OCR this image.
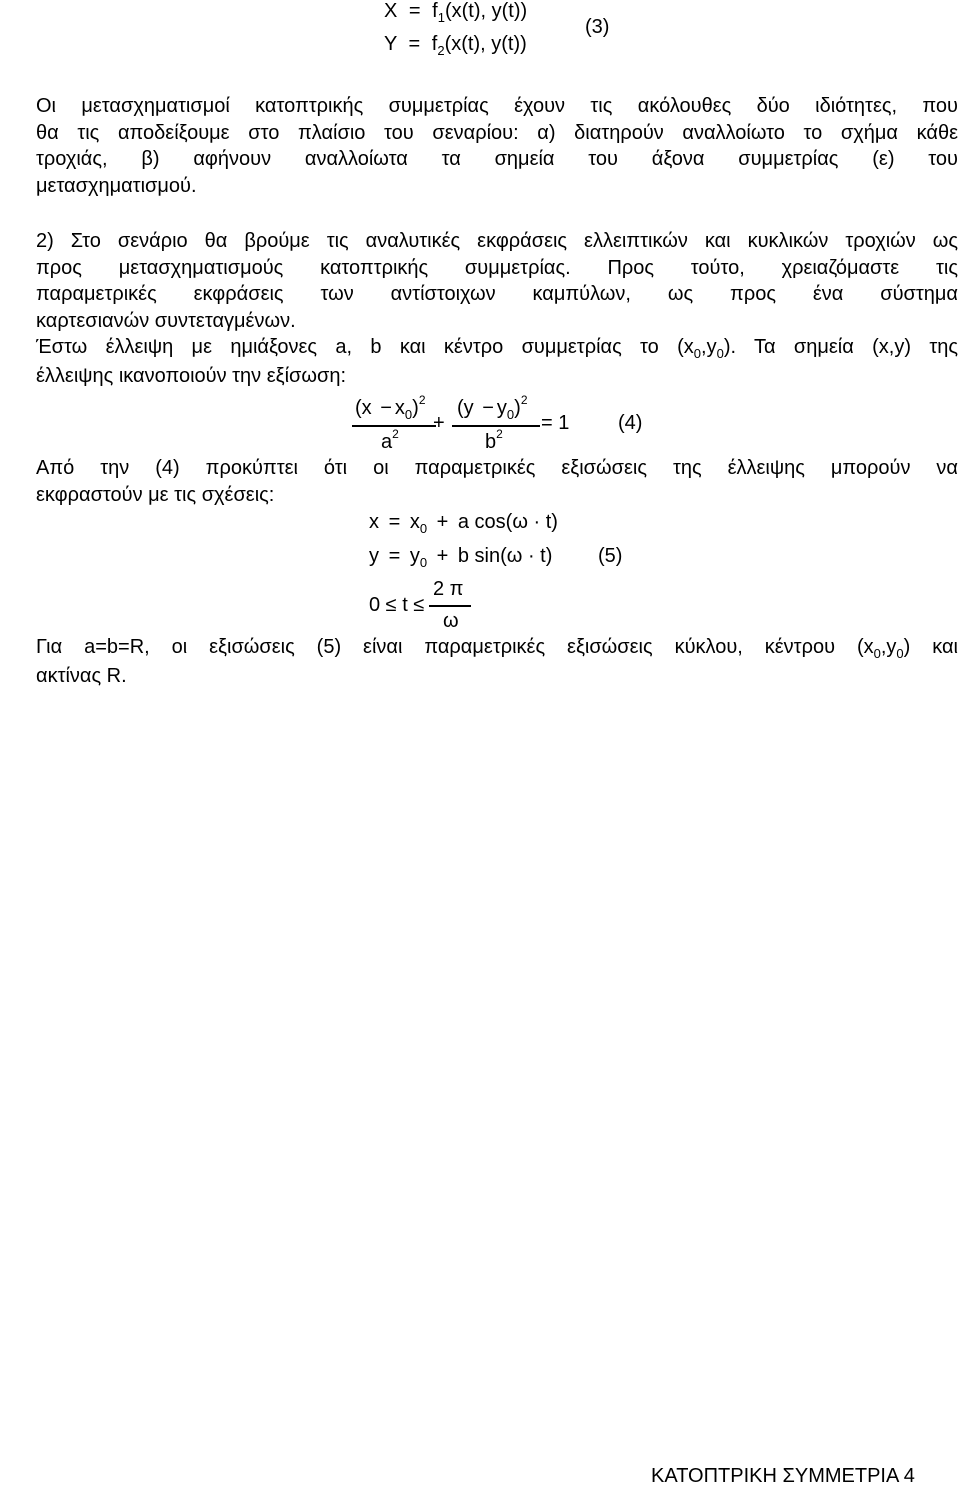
$X = f_1(x(t)$, y(t))
$Y = f_2(x(t)$, y(t))
(3)
Οι μετασχηματισμοί κατοπτρικής συμμετρίας έχουν τις ακόλουθες δύο ιδιότητες, που
θα τις αποδείξουμε στο πλαίσιο του σεναρίου: α) διατηρούν αναλλοίωτο το σχήμα κάθε
τροχιάς, β) αφήνουν αναλλοίωτα τα σημεία του άξονα συμμετρίας (ε) του
μετασχηματισμού.
2) Στο σενάριο θα βρούμε τις αναλυτικές εκφράσεις ελλειπτικών και κυκλικών τροχιών ως
προς μετασχηματισμούς κατοπτρικής συμμετρίας. Προς τούτο, χρειαζόμαστε τις
παραμετρικές εκφράσεις των αντίστοιχων καμπύλων, ως προς ένα σύστημα
καρτεσιανών συντεταγμένων.
Έστω έλλειψη με ημιάξονες a, b και κέντρο συμμετρίας το $(x_0,y_0)$. Τα σημεία (x,y) της
έλλειψης ικανοποιούν την εξίσωση:
$(x - x_0)^2$
$a^2$ +
$(y - y_0)^2$
$b^2 = 1$ (4)
Από την (4) προκύπτει ότι οι παραμετρικές εξισώσεις της έλλειψης μπορούν να
εκφραστούν με τις σχέσεις:
$x = x_0 + a$ cos(ω · t)
$y = y_0 + b$ sin(ω · t) (5)
0 ≤ t ≤
2 π
ω
Για a=b=R, οι εξισώσεις (5) είναι παραμετρικές εξισώσεις κύκλου, κέντρου $(x_0,y_0)$ και
ακτίνας R.
ΚΑΤΟΠΤΡΙΚΗ ΣΥΜΜΕΤΡΙΑ 4
